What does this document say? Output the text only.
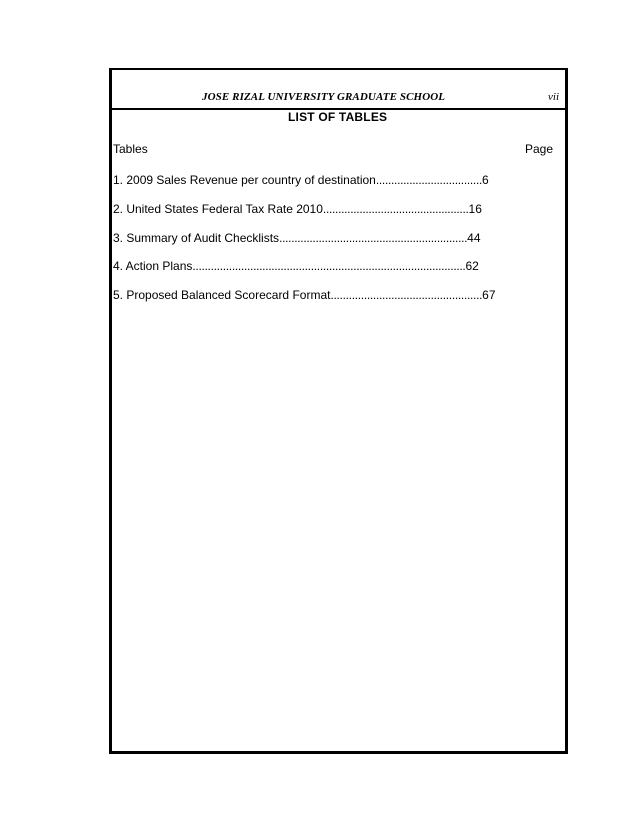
JOSE RIZAL UNIVERSITY GRADUATE SCHOOL	vii
LIST OF TABLES
Tables	Page
1. 2009 Sales Revenue per country of destination...................................6
2. United States Federal Tax Rate 2010................................................16
3. Summary of Audit Checklists..............................................................44
4. Action Plans..........................................................................................62
5. Proposed Balanced Scorecard Format..................................................67
